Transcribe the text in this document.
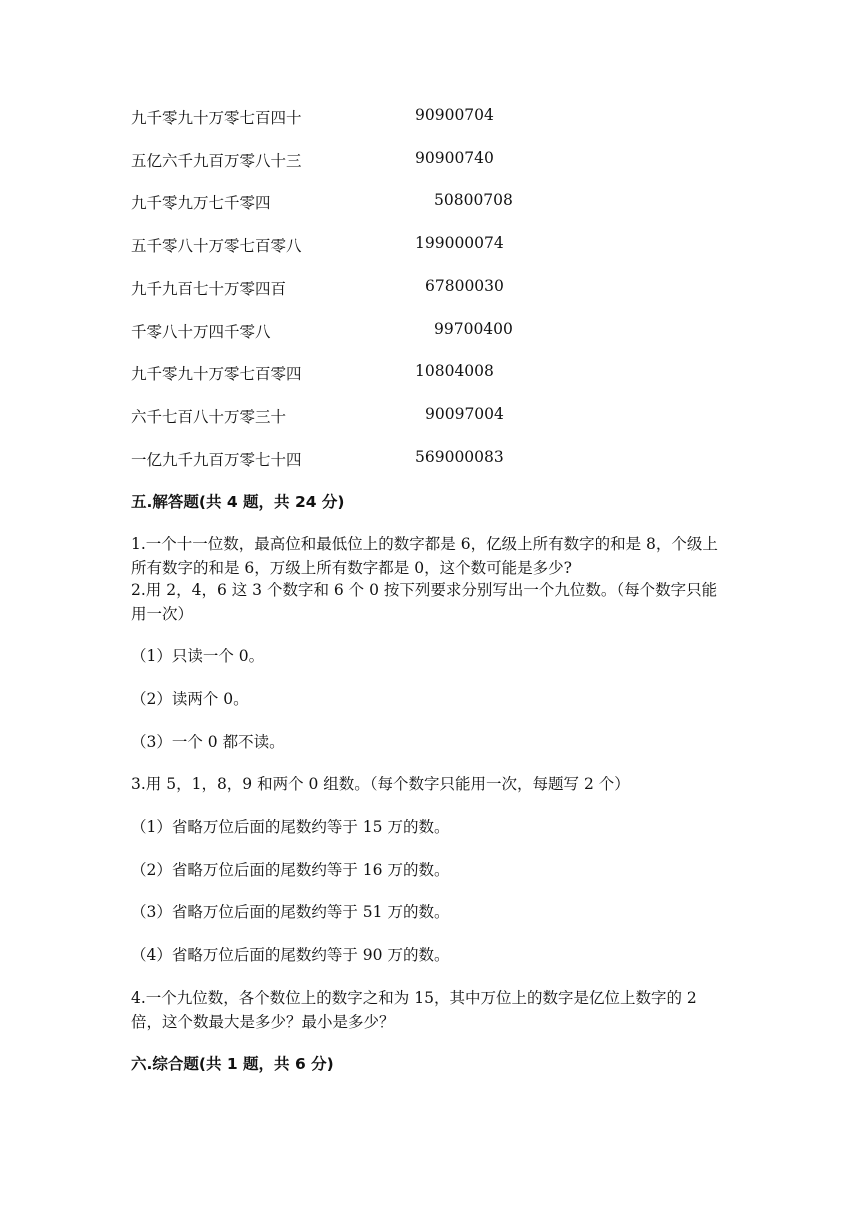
九千零九十万零七百四十	90900704
五亿六千九百万零八十三	90900740
九千零九万七千零四	50800708
五千零八十万零七百零八	199000074
九千九百七十万零四百	67800030
千零八十万四千零八	99700400
九千零九十万零七百零四	10804008
六千七百八十万零三十	90097004
一亿九千九百万零七十四	569000083
五.解答题(共 4 题，共 24 分)
1.一个十一位数，最高位和最低位上的数字都是 6，亿级上所有数字的和是 8，个级上所有数字的和是 6，万级上所有数字都是 0，这个数可能是多少?
2.用 2，4，6 这 3 个数字和 6 个 0 按下列要求分别写出一个九位数。（每个数字只能用一次）
（1）只读一个 0。
（2）读两个 0。
（3）一个 0 都不读。
3.用 5，1，8，9 和两个 0 组数。（每个数字只能用一次，每题写 2 个）
（1）省略万位后面的尾数约等于 15 万的数。
（2）省略万位后面的尾数约等于 16 万的数。
（3）省略万位后面的尾数约等于 51 万的数。
（4）省略万位后面的尾数约等于 90 万的数。
4.一个九位数，各个数位上的数字之和为 15，其中万位上的数字是亿位上数字的 2 倍，这个数最大是多少？最小是多少？
六.综合题(共 1 题，共 6 分)
